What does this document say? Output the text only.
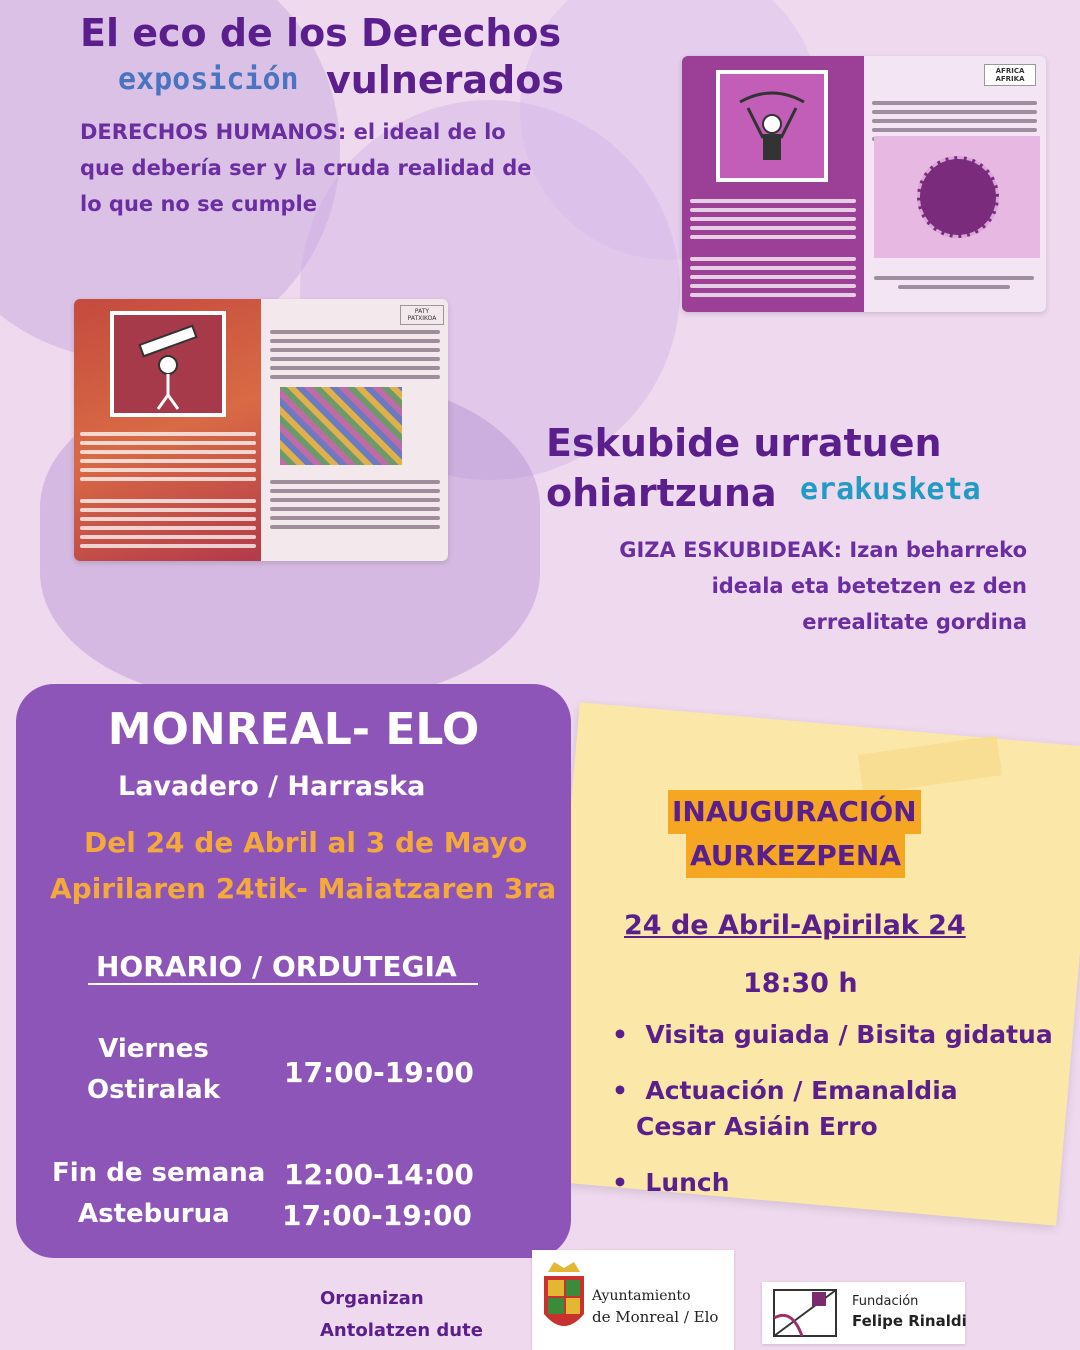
El eco de los Derechos
exposición vulnerados
DERECHOS HUMANOS: el ideal de lo
que debería ser y la cruda realidad de
lo que no se cumple
ÁFRICA AFRIKA
PATY PATXIKOA
Eskubide urratuen
ohiartzuna erakusketa
GIZA ESKUBIDEAK: Izan beharreko
ideala eta betetzen ez den
errealitate gordina
MONREAL- ELO
Lavadero / Harraska
Del 24 de Abril al 3 de Mayo
Apirilaren 24tik- Maiatzaren 3ra
HORARIO / ORDUTEGIA
Viernes
Ostiralak
17:00-19:00
Fin de semana 12:00-14:00
Asteburua 17:00-19:00
INAUGURACIÓN
AURKEZPENA
24 de Abril-Apirilak 24
18:30 h
•  Visita guiada / Bisita gidatua
•  Actuación / Emanaldia
Cesar Asiáin Erro
•  Lunch
Organizan
Antolatzen dute
Ayuntamiento
de Monreal / Elo
Fundación
Felipe Rinaldi
